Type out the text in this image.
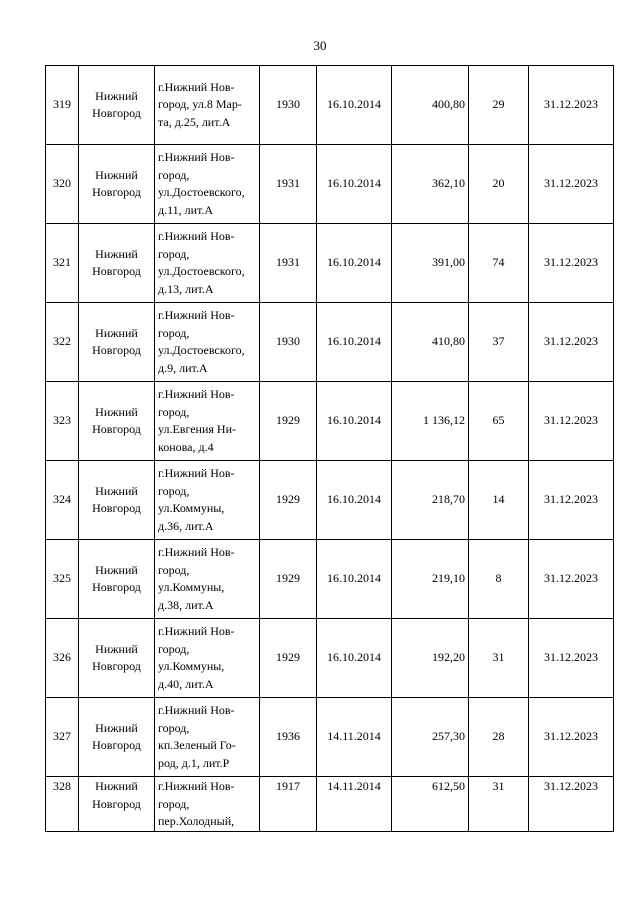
30
319	Нижний
Новгород	г.Нижний Нов-
город, ул.8 Мар-
та, д.25, лит.А	1930	16.10.2014	400,80	29	31.12.2023
320	Нижний
Новгород	г.Нижний Нов-
город,
ул.Достоевского,
д.11, лит.А	1931	16.10.2014	362,10	20	31.12.2023
321	Нижний
Новгород	г.Нижний Нов-
город,
ул.Достоевского,
д.13, лит.А	1931	16.10.2014	391,00	74	31.12.2023
322	Нижний
Новгород	г.Нижний Нов-
город,
ул.Достоевского,
д.9, лит.А	1930	16.10.2014	410,80	37	31.12.2023
323	Нижний
Новгород	г.Нижний Нов-
город,
ул.Евгения Ни-
конова, д.4	1929	16.10.2014	1 136,12	65	31.12.2023
324	Нижний
Новгород	г.Нижний Нов-
город,
ул.Коммуны,
д.36, лит.А	1929	16.10.2014	218,70	14	31.12.2023
325	Нижний
Новгород	г.Нижний Нов-
город,
ул.Коммуны,
д.38, лит.А	1929	16.10.2014	219,10	8	31.12.2023
326	Нижний
Новгород	г.Нижний Нов-
город,
ул.Коммуны,
д.40, лит.А	1929	16.10.2014	192,20	31	31.12.2023
327	Нижний
Новгород	г.Нижний Нов-
город,
кп.Зеленый Го-
род, д.1, лит.Р	1936	14.11.2014	257,30	28	31.12.2023
328	Нижний
Новгород	г.Нижний Нов-
город,
пер.Холодный,	1917	14.11.2014	612,50	31	31.12.2023
